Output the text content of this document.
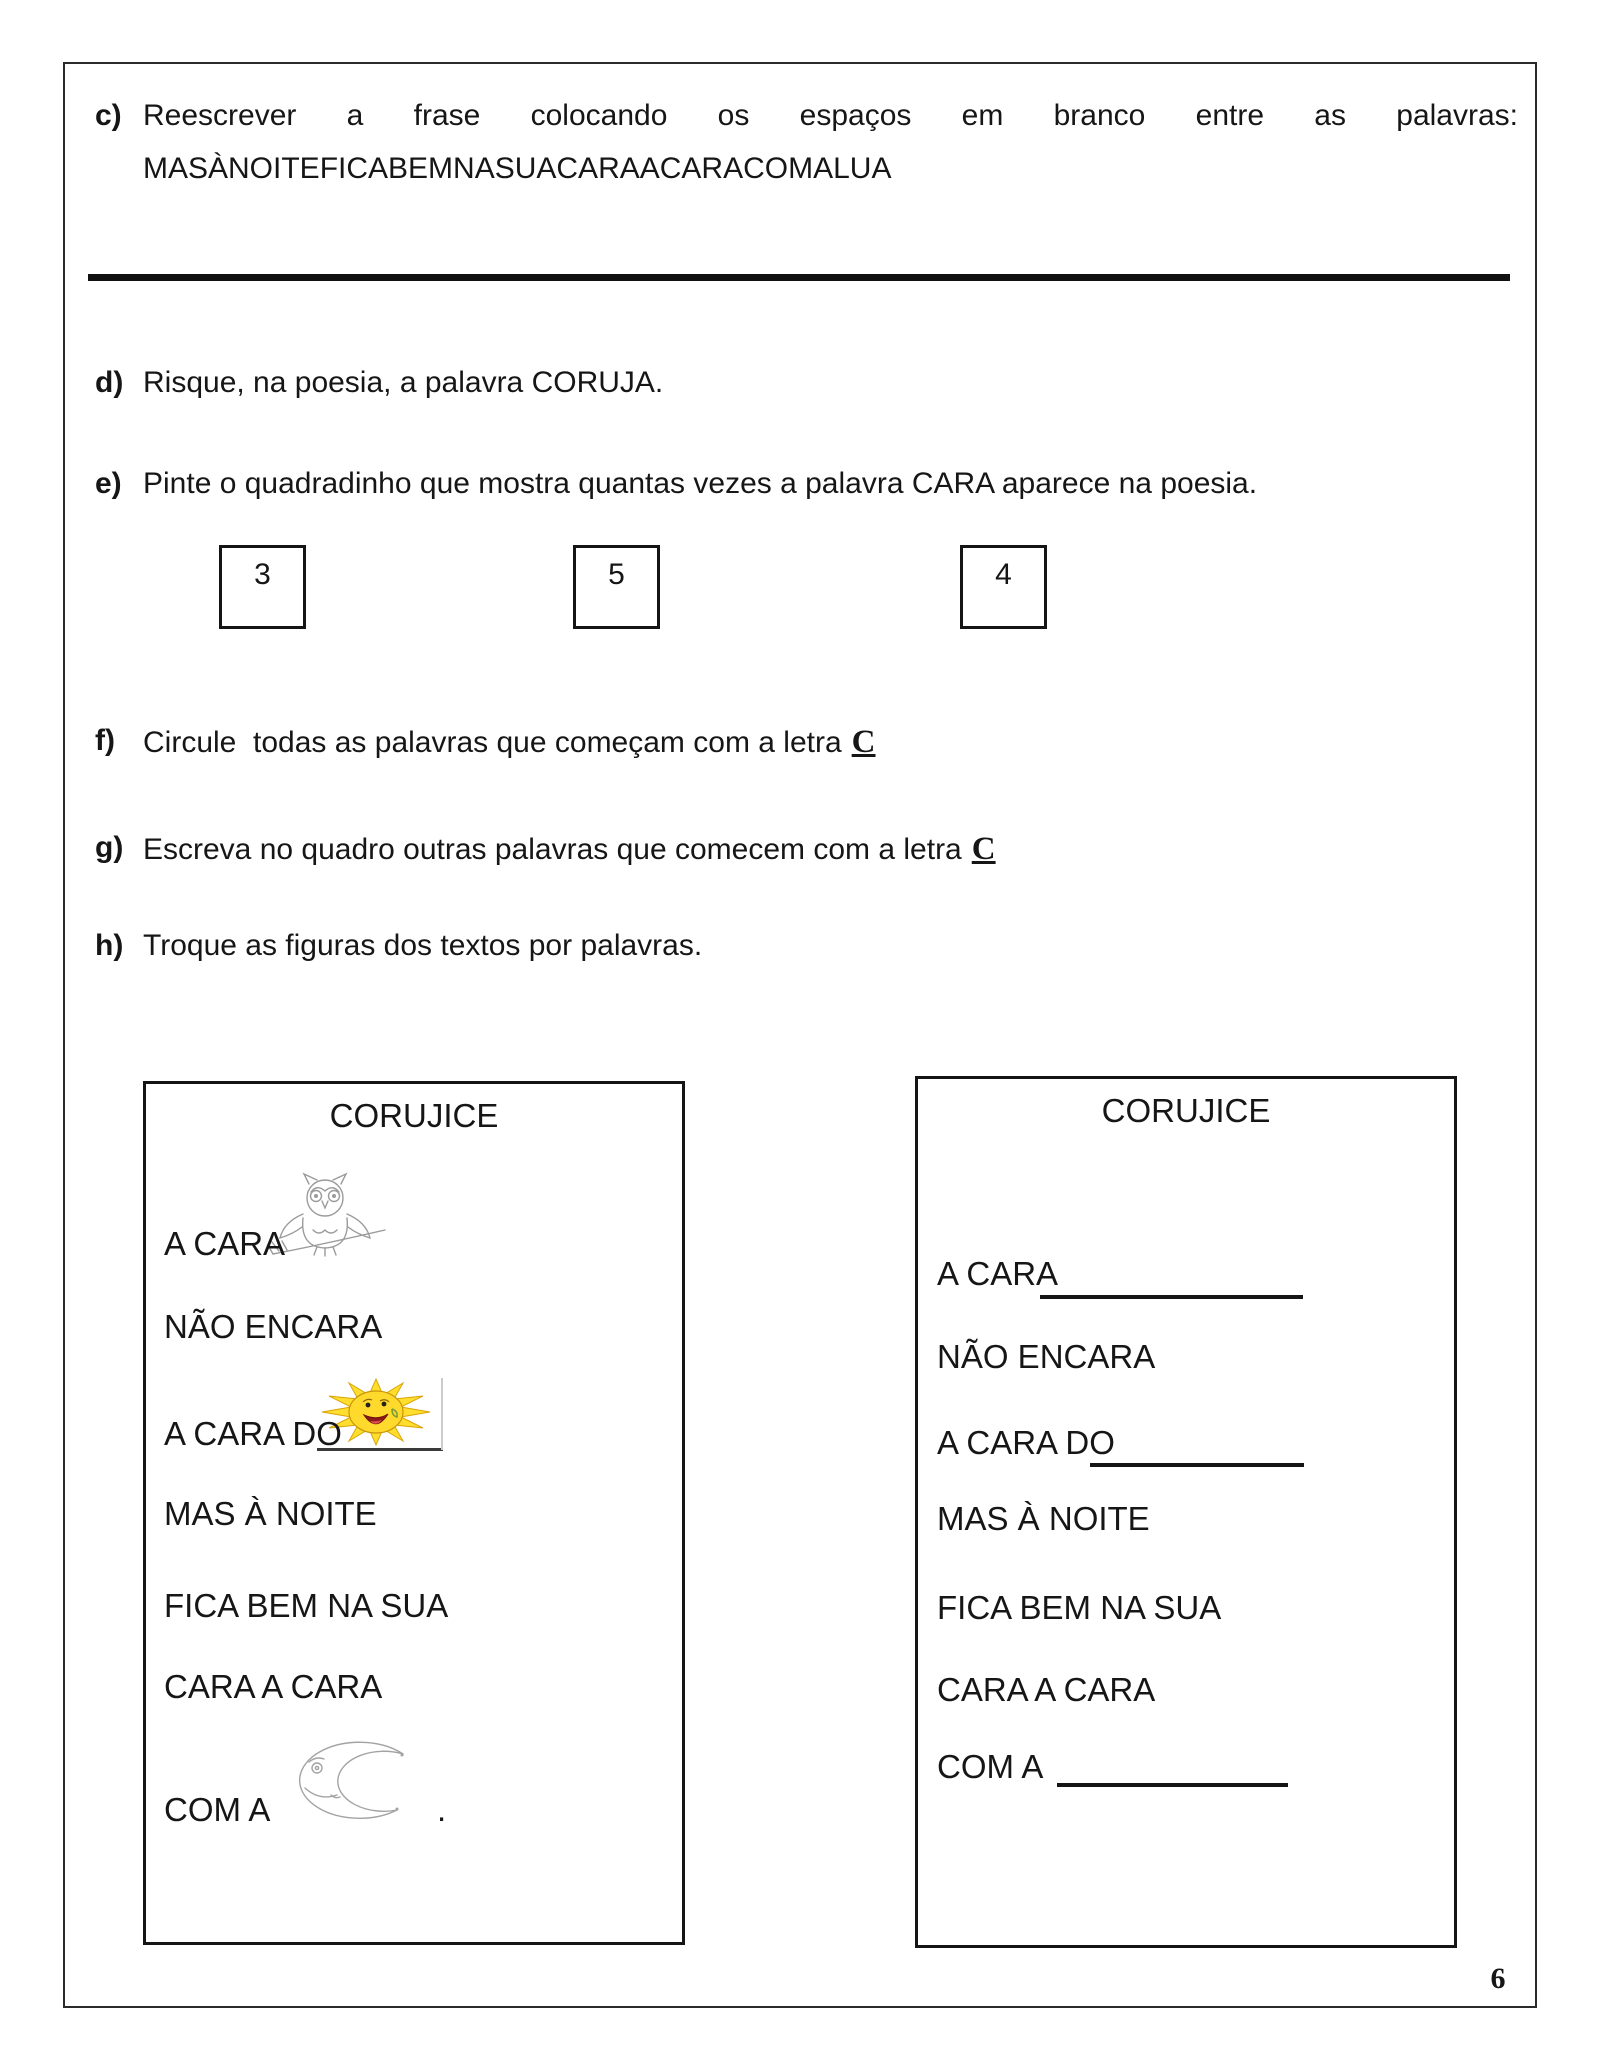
c) Reescrever a frase colocando os espaços em branco entre as palavras:
MASÀNOITEFICABEMNASUACARAACARACOMALUA
d) Risque, na poesia, a palavra CORUJA.
e) Pinte o quadradinho que mostra quantas vezes a palavra CARA aparece na poesia.
3	5	4
f) Circule  todas as palavras que começam com a letra C
g) Escreva no quadro outras palavras que comecem com a letra C
h) Troque as figuras dos textos por palavras.
CORUJICE
A CARA
NÃO ENCARA
A CARA DO
MAS À NOITE
FICA BEM NA SUA
CARA A CARA
COM A	.
CORUJICE
A CARA
NÃO ENCARA
A CARA DO
MAS À NOITE
FICA BEM NA SUA
CARA A CARA
COM A
6
